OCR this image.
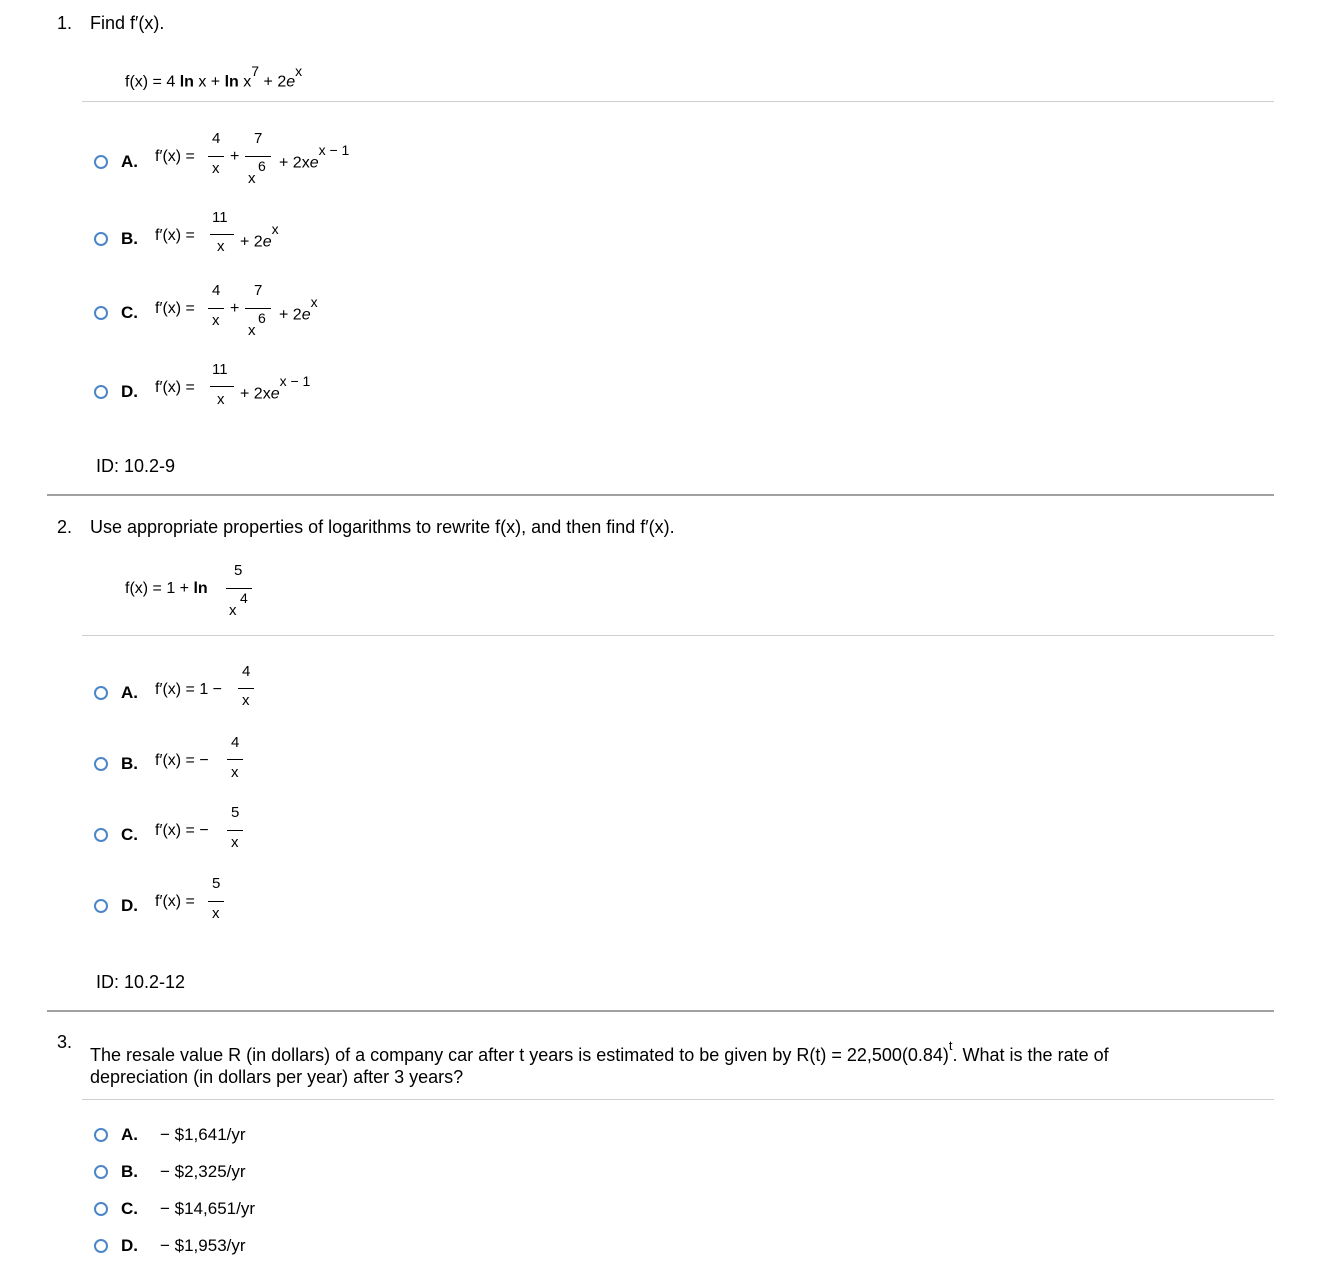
1. Find f′(x).
f(x) = 4 $\ln x + \ln x^7 + 2e^x$
A. f′(x) =
4
x
+
7
x
$6 + 2xe^{x - 1}$
B. f′(x) =
11
$x + 2e^x$
C. f′(x) =
4
x
+
7
x
$6 + 2e^x$
D. f′(x) =
11
$x + 2xe^{x - 1}$
ID: 10.2-9
2. Use appropriate properties of logarithms to rewrite f(x), and then find f′(x).
f(x) = 1 + ln
5
x
4
A. f′(x) = 1 −
4
x
B. f′(x) = −
4
x
C. f′(x) = −
5
x
D. f′(x) =
5
x
ID: 10.2-12
3.
The resale value R (in dollars) of a company car after t years is estimated to be given by $R(t) = 22,500(0.84)^t$. What is the rate of
depreciation (in dollars per year) after 3 years?
A. − $1,641/yr
B. − $2,325/yr
C. − $14,651/yr
D. − $1,953/yr
